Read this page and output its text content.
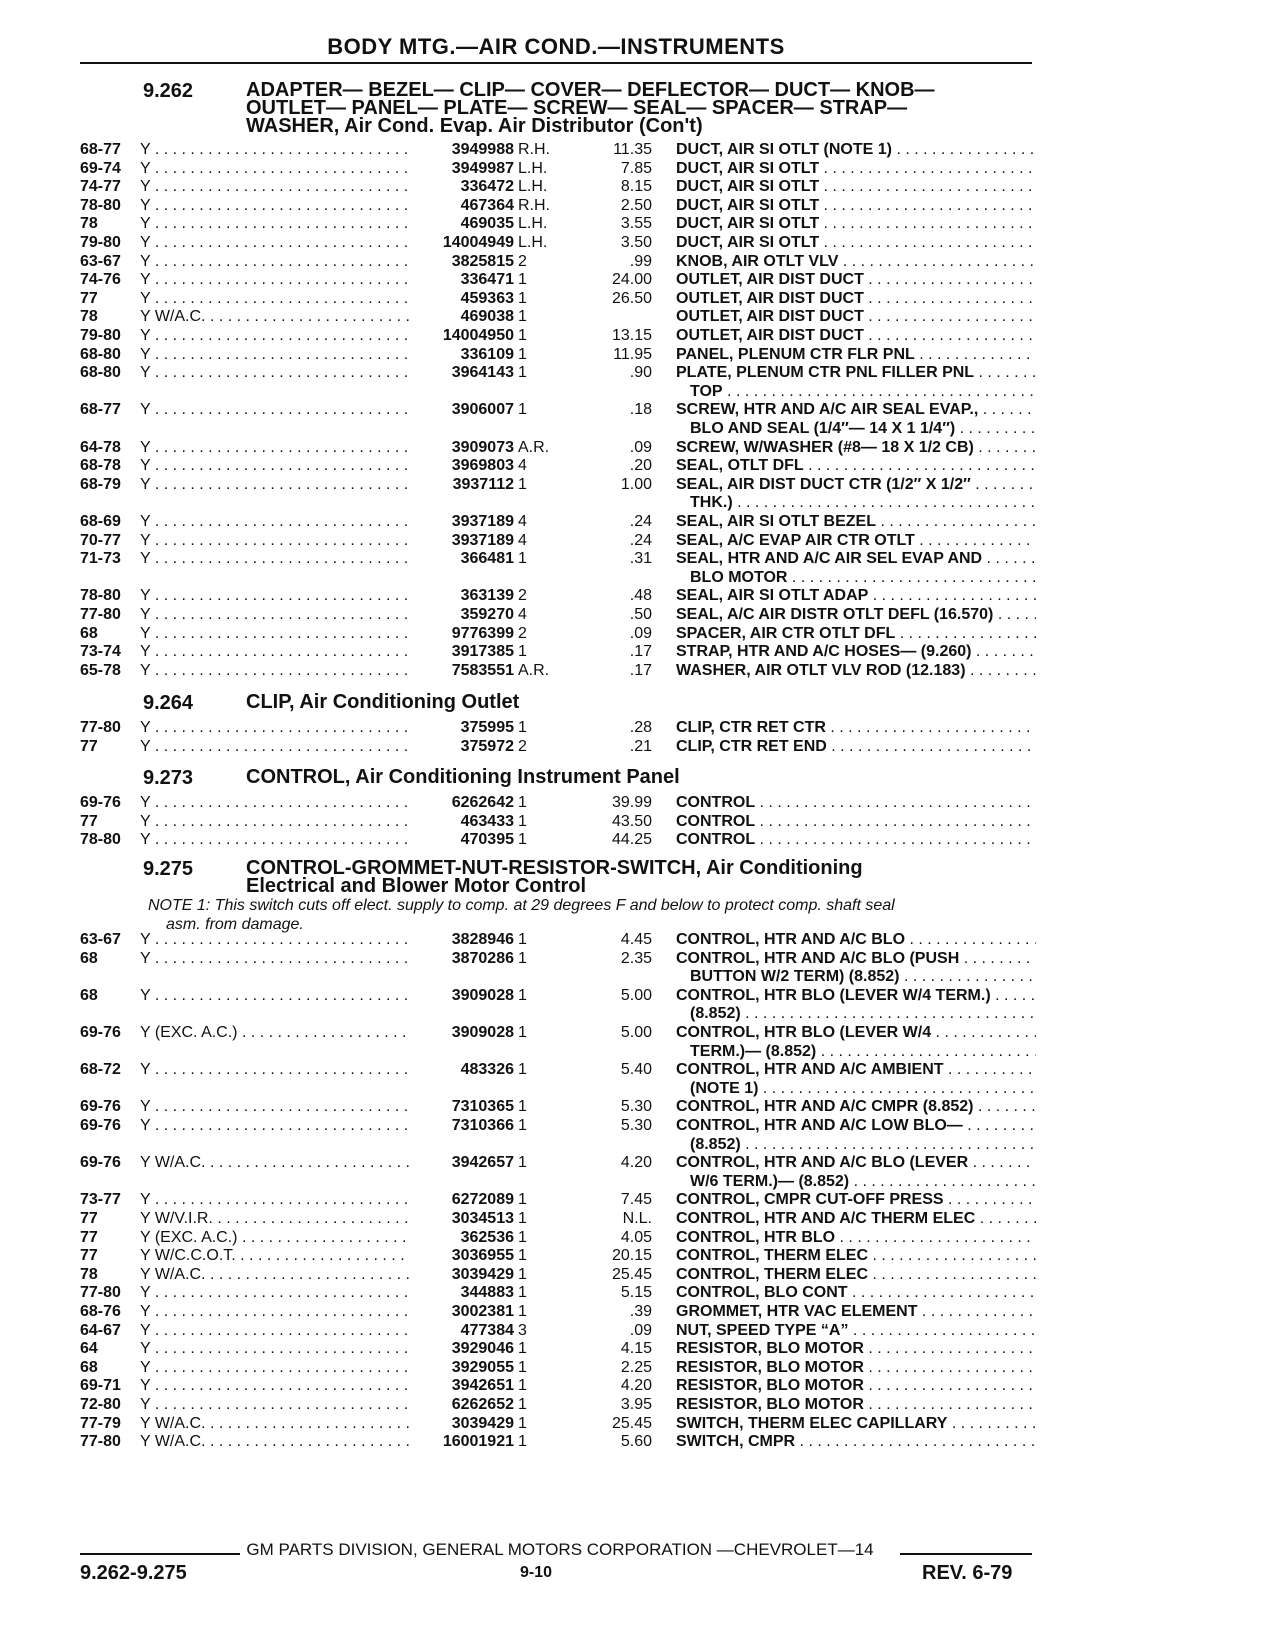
BODY MTG.—AIR COND.—INSTRUMENTS
9.262	ADAPTER— BEZEL— CLIP— COVER— DEFLECTOR— DUCT— KNOB—
OUTLET— PANEL— PLATE— SCREW— SEAL— SPACER— STRAP—
WASHER, Air Cond. Evap. Air Distributor (Con't)
68-77 Y . . .	3949988 R.H.	11.35 DUCT, AIR SI OTLT (NOTE 1) . . .
69-74 Y . . .	3949987 L.H.	7.85 DUCT, AIR SI OTLT . . .
74-77 Y . . .	336472 L.H.	8.15 DUCT, AIR SI OTLT . . .
78-80 Y . . .	467364 R.H.	2.50 DUCT, AIR SI OTLT . . .
78	Y . . .	469035 L.H.	3.55 DUCT, AIR SI OTLT . . .
79-80 Y . . .	14004949 L.H.	3.50 DUCT, AIR SI OTLT . . .
63-67 Y . . .	3825815 2	.99 KNOB, AIR OTLT VLV . . .
74-76 Y . . .	336471 1	24.00 OUTLET, AIR DIST DUCT . . .
77	Y . . .	459363 1	26.50 OUTLET, AIR DIST DUCT . . .
78	Y W/A.C. . . .	469038 1	OUTLET, AIR DIST DUCT . . .
79-80 Y . . .	14004950 1	13.15 OUTLET, AIR DIST DUCT . . .
68-80 Y . . .	336109 1	11.95 PANEL, PLENUM CTR FLR PNL . . .
68-80 Y . . .	3964143 1	.90 PLATE, PLENUM CTR PNL FILLER PNL . . .
TOP . . .
68-77 Y . . .	3906007 1	.18 SCREW, HTR AND A/C AIR SEAL EVAP., . . .
BLO AND SEAL (1/4″— 14 X 1 1/4″) . . .
64-78 Y . . .	3909073 A.R.	.09 SCREW, W/WASHER (#8— 18 X 1/2 CB) . . .
68-78 Y . . .	3969803 4	.20 SEAL, OTLT DFL . . .
68-79 Y . . .	3937112 1	1.00 SEAL, AIR DIST DUCT CTR (1/2″ X 1/2″ . . .
THK.) . . .
68-69 Y . . .	3937189 4	.24 SEAL, AIR SI OTLT BEZEL . . .
70-77 Y . . .	3937189 4	.24 SEAL, A/C EVAP AIR CTR OTLT . . .
71-73 Y . . .	366481 1	.31 SEAL, HTR AND A/C AIR SEL EVAP AND . . .
BLO MOTOR . . .
78-80 Y . . .	363139 2	.48 SEAL, AIR SI OTLT ADAP . . .
77-80 Y . . .	359270 4	.50 SEAL, A/C AIR DISTR OTLT DEFL (16.570) . . .
68	Y . . .	9776399 2	.09 SPACER, AIR CTR OTLT DFL . . .
73-74 Y . . .	3917385 1	.17 STRAP, HTR AND A/C HOSES— (9.260) . . .
65-78 Y . . .	7583551 A.R.	.17 WASHER, AIR OTLT VLV ROD (12.183) . . .
9.264	CLIP, Air Conditioning Outlet
77-80 Y . . .	375995 1	.28 CLIP, CTR RET CTR . . .
77	Y . . .	375972 2	.21 CLIP, CTR RET END . . .
9.273	CONTROL, Air Conditioning Instrument Panel
69-76 Y . . .	6262642 1	39.99 CONTROL . . .
77	Y . . .	463433 1	43.50 CONTROL . . .
78-80 Y . . .	470395 1	44.25 CONTROL . . .
9.275	CONTROL-GROMMET-NUT-RESISTOR-SWITCH, Air Conditioning
Electrical and Blower Motor Control
NOTE 1: This switch cuts off elect. supply to comp. at 29 degrees F and below to protect comp. shaft seal
asm. from damage.
63-67 Y . . .	3828946 1	4.45 CONTROL, HTR AND A/C BLO . . .
68	Y . . .	3870286 1	2.35 CONTROL, HTR AND A/C BLO (PUSH . . .
BUTTON W/2 TERM) (8.852) . . .
68	Y . . .	3909028 1	5.00 CONTROL, HTR BLO (LEVER W/4 TERM.) . . .
(8.852) . . .
69-76 Y (EXC. A.C.) . . .	3909028 1	5.00 CONTROL, HTR BLO (LEVER W/4 . . .
TERM.)— (8.852) . . .
68-72 Y . . .	483326 1	5.40 CONTROL, HTR AND A/C AMBIENT . . .
(NOTE 1) . . .
69-76 Y . . .	7310365 1	5.30 CONTROL, HTR AND A/C CMPR (8.852) . . .
69-76 Y . . .	7310366 1	5.30 CONTROL, HTR AND A/C LOW BLO— . . .
(8.852) . . .
69-76 Y W/A.C. . . .	3942657 1	4.20 CONTROL, HTR AND A/C BLO (LEVER . . .
W/6 TERM.)— (8.852) . . .
73-77 Y . . .	6272089 1	7.45 CONTROL, CMPR CUT-OFF PRESS . . .
77	Y W/V.I.R. . . .	3034513 1	N.L. CONTROL, HTR AND A/C THERM ELEC . . .
77	Y (EXC. A.C.) . . .	362536 1	4.05 CONTROL, HTR BLO . . .
77	Y W/C.C.O.T. . . .	3036955 1	20.15 CONTROL, THERM ELEC . . .
78	Y W/A.C. . . .	3039429 1	25.45 CONTROL, THERM ELEC . . .
77-80 Y . . .	344883 1	5.15 CONTROL, BLO CONT . . .
68-76 Y . . .	3002381 1	.39 GROMMET, HTR VAC ELEMENT . . .
64-67 Y . . .	477384 3	.09 NUT, SPEED TYPE “A” . . .
64	Y . . .	3929046 1	4.15 RESISTOR, BLO MOTOR . . .
68	Y . . .	3929055 1	2.25 RESISTOR, BLO MOTOR . . .
69-71 Y . . .	3942651 1	4.20 RESISTOR, BLO MOTOR . . .
72-80 Y . . .	6262652 1	3.95 RESISTOR, BLO MOTOR . . .
77-79 Y W/A.C. . . .	3039429 1	25.45 SWITCH, THERM ELEC CAPILLARY . . .
77-80 Y W/A.C. . . .	16001921 1	5.60 SWITCH, CMPR . . .
GM PARTS DIVISION, GENERAL MOTORS CORPORATION —CHEVROLET—14
9.262-9.275	9-10	REV. 6-79
